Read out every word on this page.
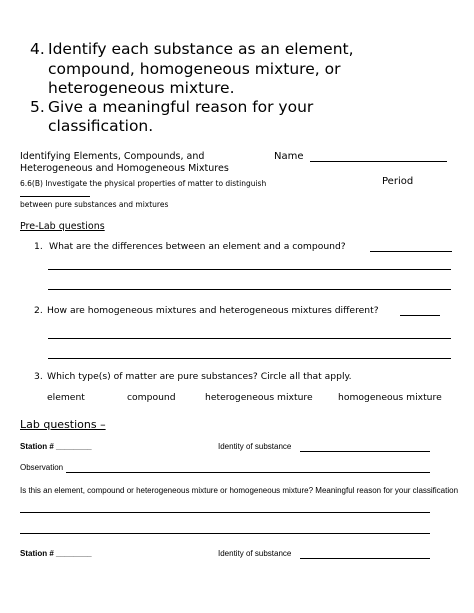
4. Identify each substance as an element,
compound, homogeneous mixture, or
heterogeneous mixture.
5. Give a meaningful reason for your
classification.
Identifying Elements, Compounds, and
Heterogeneous and Homogeneous Mixtures
Name
6.6(B) Investigate the physical properties of matter to distinguish	Period
between pure substances and mixtures
Pre-Lab questions
1. What are the differences between an element and a compound?
2. How are homogeneous mixtures and heterogeneous mixtures different?
3. Which type(s) of matter are pure substances? Circle all that apply.
element	compound	heterogeneous mixture	homogeneous mixture
Lab questions –
Station # ________	Identity of substance
Observation
Is this an element, compound or heterogeneous mixture or homogeneous mixture? Meaningful reason for your classification
Station # ________	Identity of substance
